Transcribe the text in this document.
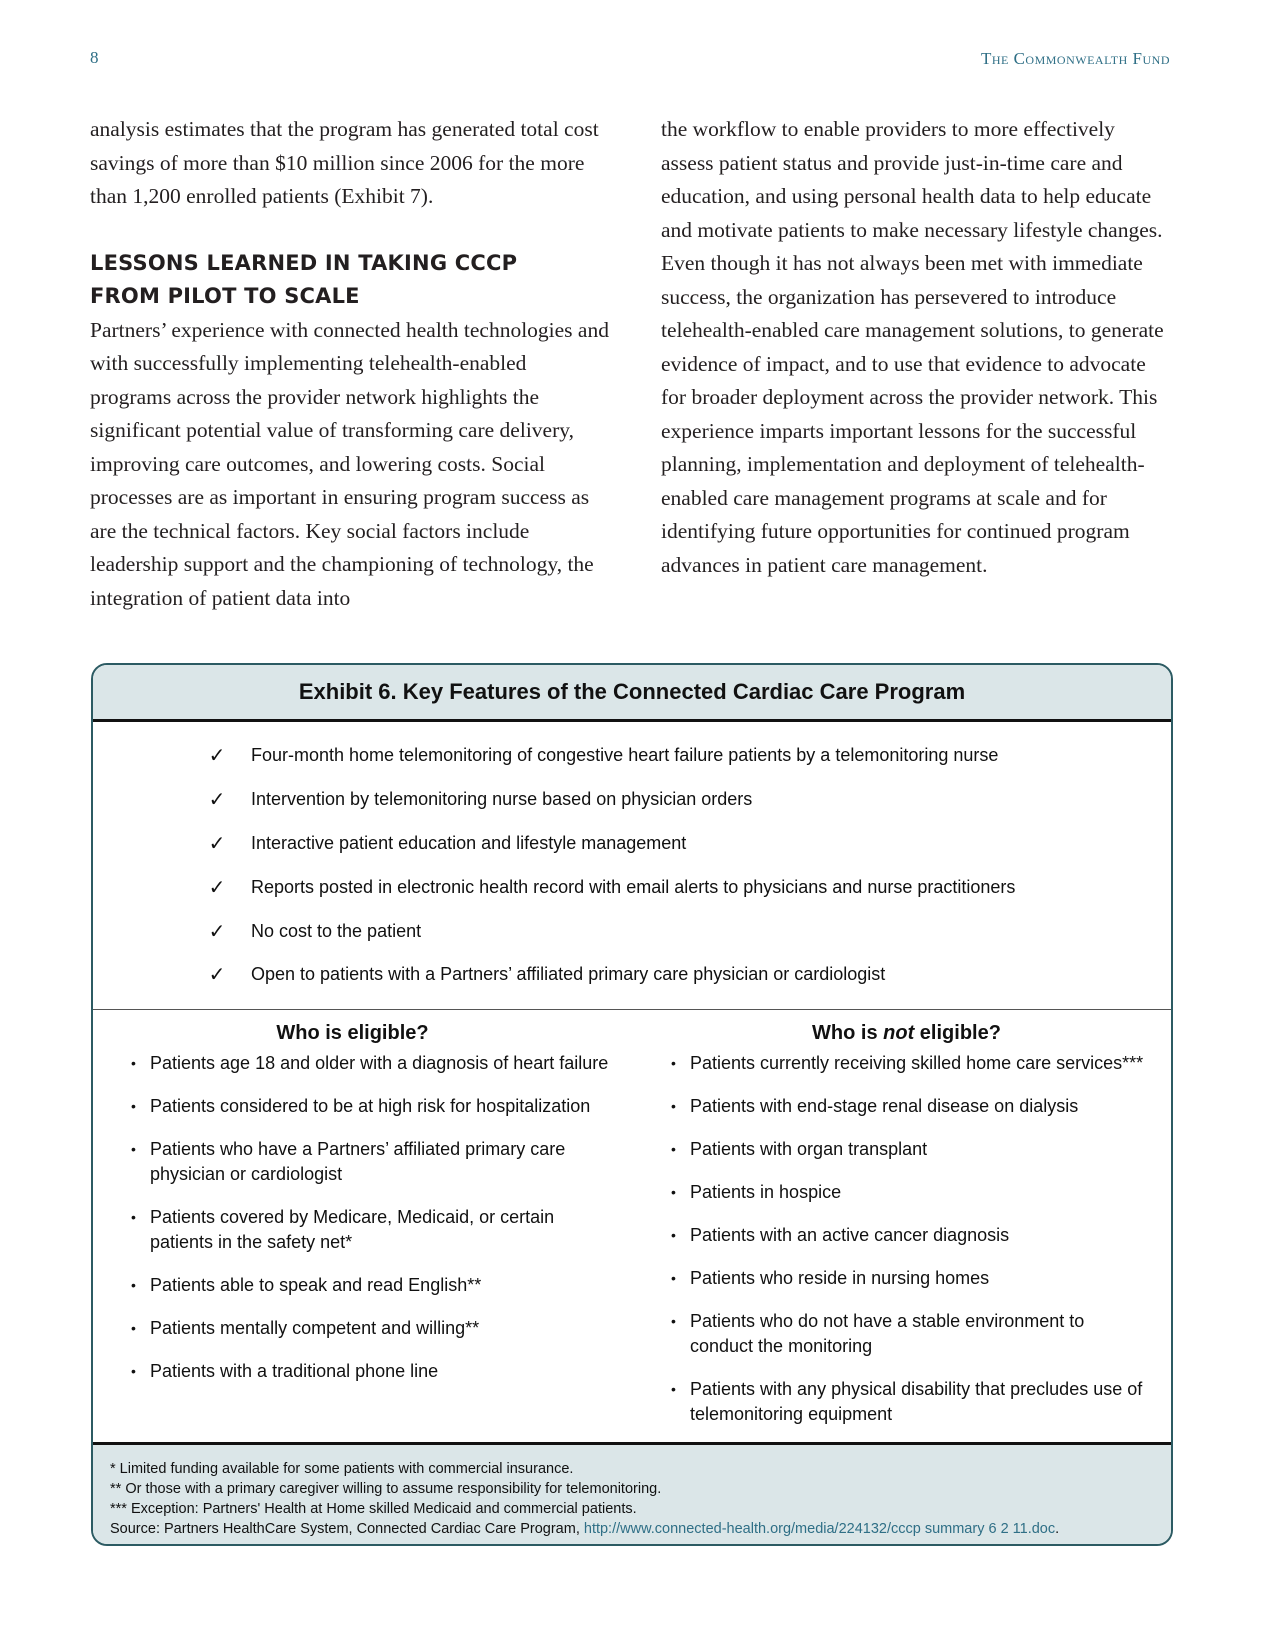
8	The Commonwealth Fund

analysis estimates that the program has generated total cost savings of more than $10 million since 2006 for the more than 1,200 enrolled patients (Exhibit 7).

LESSONS LEARNED IN TAKING CCCP
FROM PILOT TO SCALE

Partners’ experience with connected health technologies and with successfully implementing telehealth-enabled programs across the provider network highlights the significant potential value of transforming care delivery, improving care outcomes, and lowering costs. Social processes are as important in ensuring program success as are the technical factors. Key social factors include leadership support and the championing of technology, the integration of patient data into

the workflow to enable providers to more effectively assess patient status and provide just-in-time care and education, and using personal health data to help educate and motivate patients to make necessary lifestyle changes. Even though it has not always been met with immediate success, the organization has persevered to introduce telehealth-enabled care management solutions, to generate evidence of impact, and to use that evidence to advocate for broader deployment across the provider network. This experience imparts important lessons for the successful planning, implementation and deployment of telehealth-enabled care management programs at scale and for identifying future opportunities for continued program advances in patient care management.

Exhibit 6. Key Features of the Connected Cardiac Care Program
✓	Four-month home telemonitoring of congestive heart failure patients by a telemonitoring nurse
✓	Intervention by telemonitoring nurse based on physician orders
✓	Interactive patient education and lifestyle management
✓	Reports posted in electronic health record with email alerts to physicians and nurse practitioners
✓	No cost to the patient
✓	Open to patients with a Partners’ affiliated primary care physician or cardiologist
Who is eligible?
• Patients age 18 and older with a diagnosis of heart failure
• Patients considered to be at high risk for hospitalization
• Patients who have a Partners’ affiliated primary care physician or cardiologist
• Patients covered by Medicare, Medicaid, or certain patients in the safety net*
• Patients able to speak and read English**
• Patients mentally competent and willing**
• Patients with a traditional phone line
Who is not eligible?
• Patients currently receiving skilled home care services***
• Patients with end-stage renal disease on dialysis
• Patients with organ transplant
• Patients in hospice
• Patients with an active cancer diagnosis
• Patients who reside in nursing homes
• Patients who do not have a stable environment to conduct the monitoring
• Patients with any physical disability that precludes use of telemonitoring equipment
* Limited funding available for some patients with commercial insurance.
** Or those with a primary caregiver willing to assume responsibility for telemonitoring.
*** Exception: Partners' Health at Home skilled Medicaid and commercial patients.
Source: Partners HealthCare System, Connected Cardiac Care Program, http://www.connected-health.org/media/224132/cccp summary 6 2 11.doc.
